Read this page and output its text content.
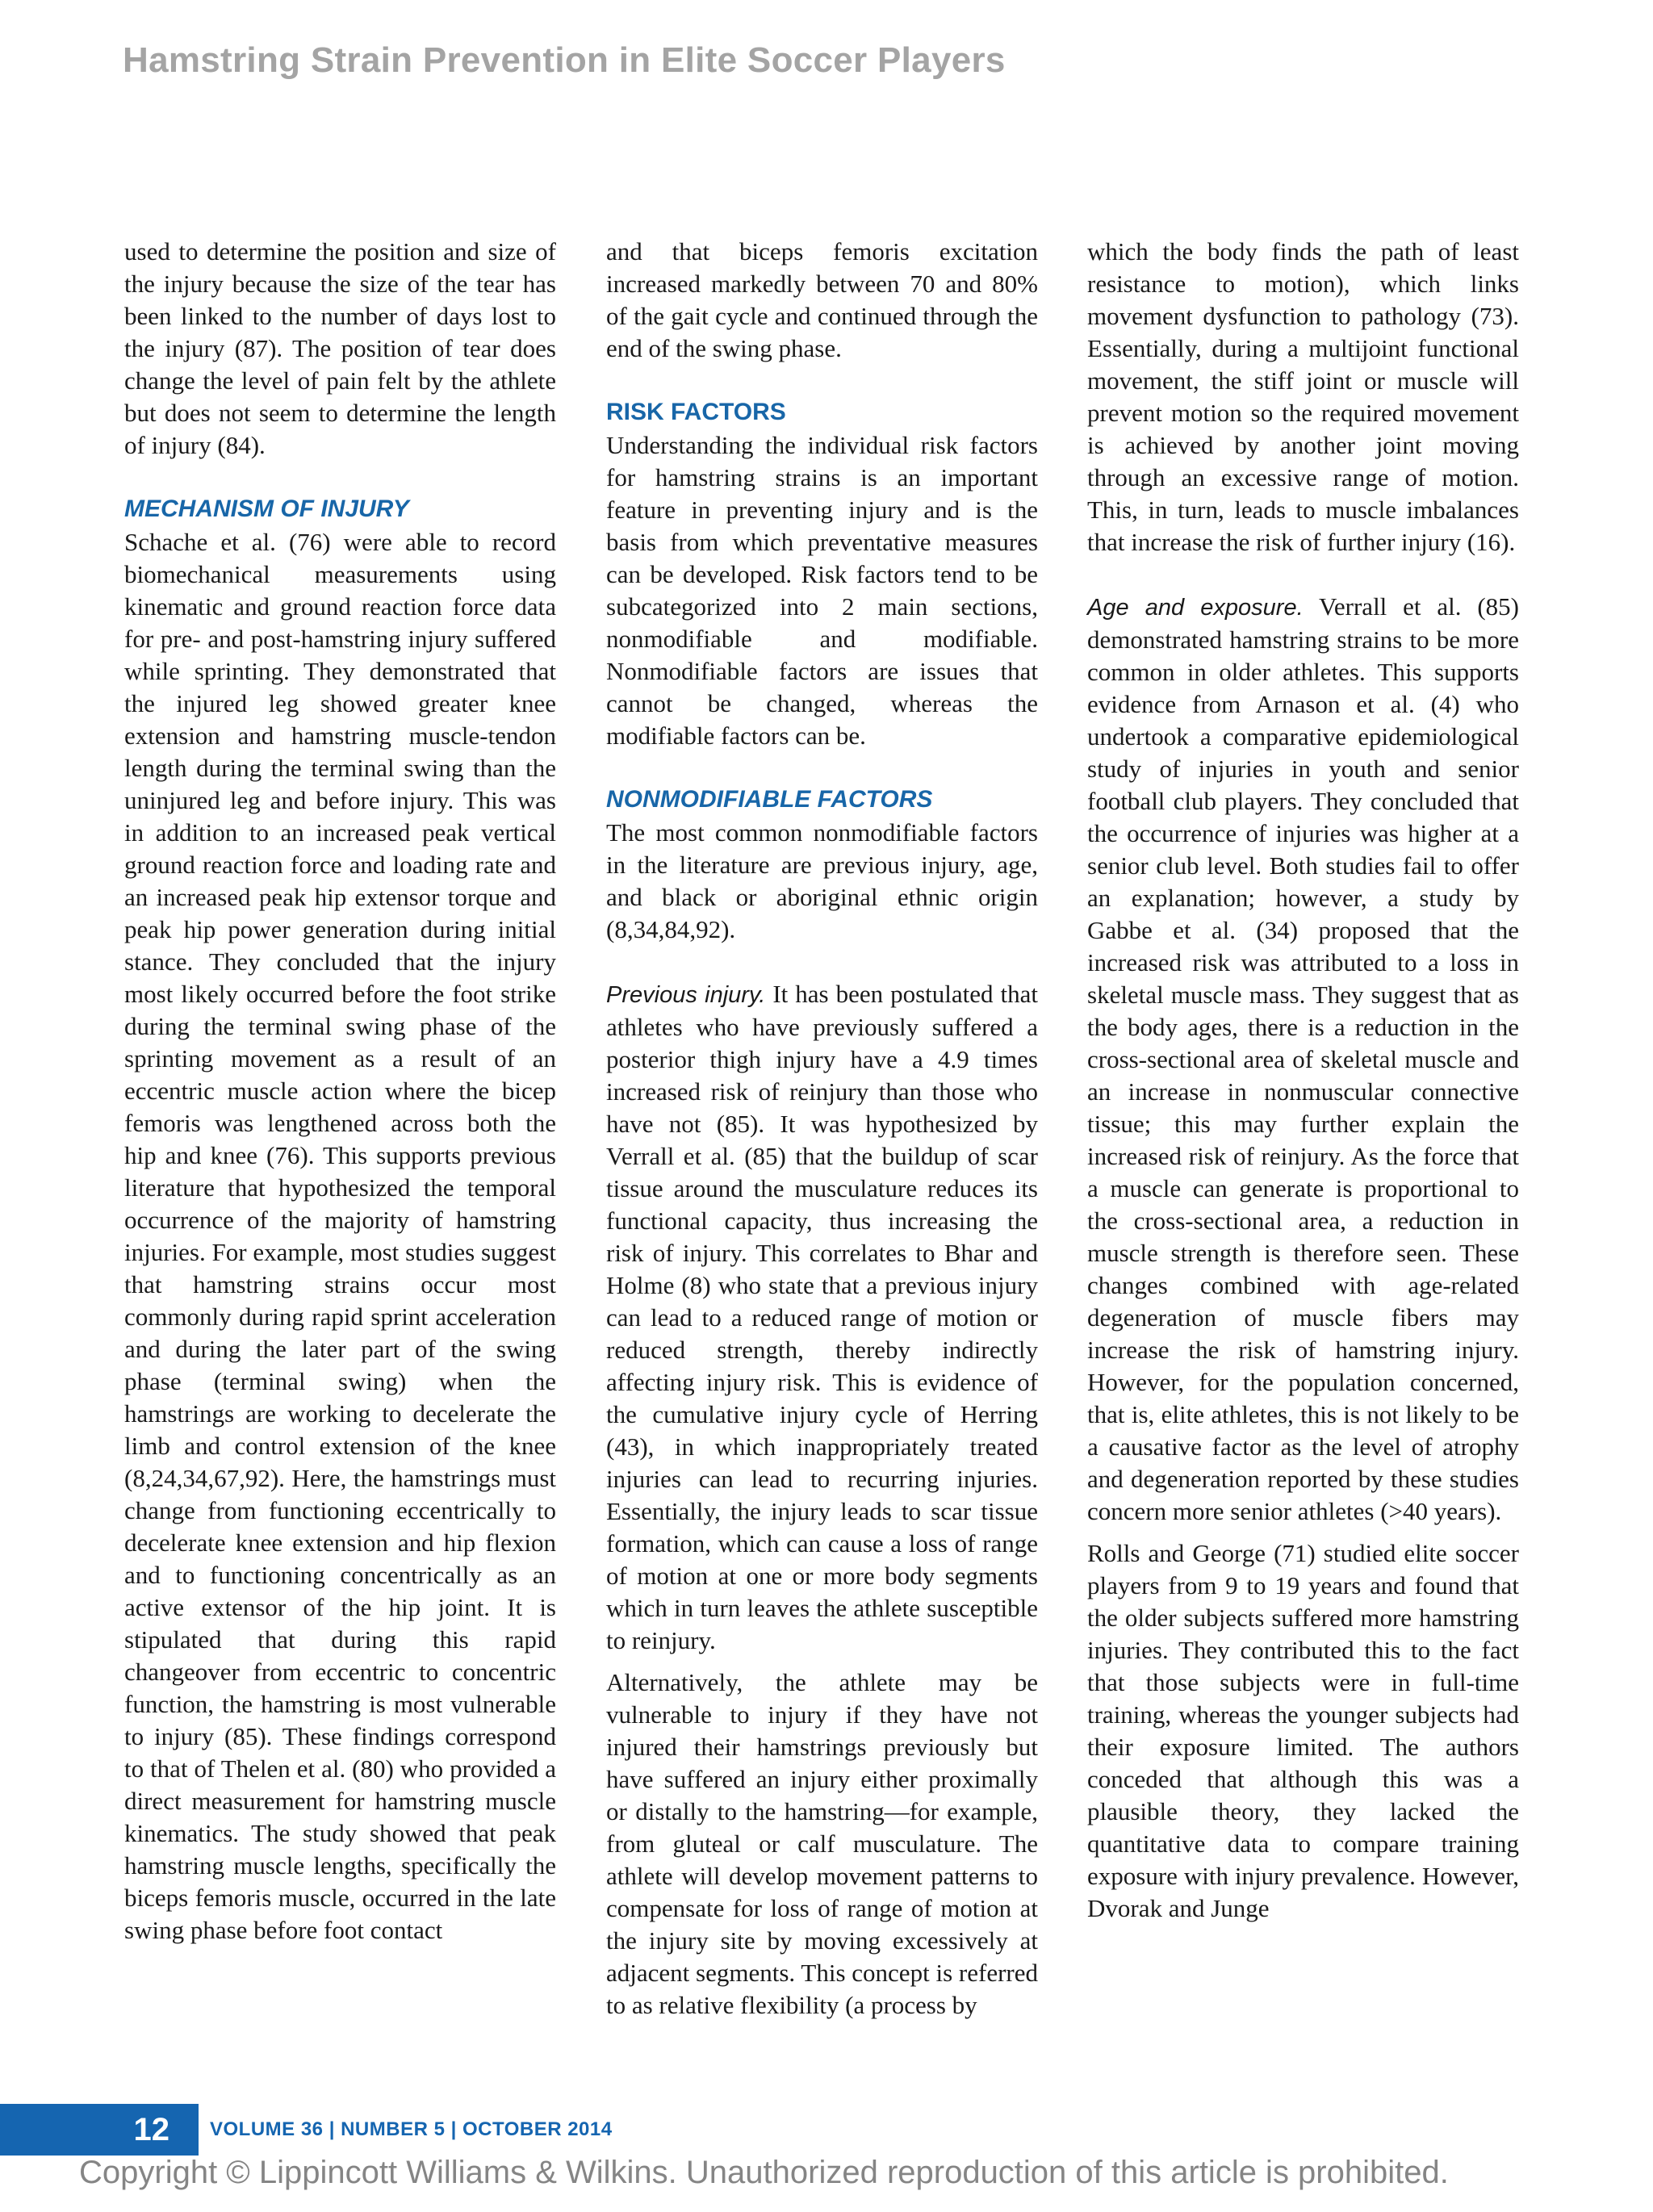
Hamstring Strain Prevention in Elite Soccer Players

used to determine the position and size of the injury because the size of the tear has been linked to the number of days lost to the injury (87). The position of tear does change the level of pain felt by the athlete but does not seem to determine the length of injury (84).

MECHANISM OF INJURY

Schache et al. (76) were able to record biomechanical measurements using kinematic and ground reaction force data for pre- and post-hamstring injury suffered while sprinting. They demonstrated that the injured leg showed greater knee extension and hamstring muscle-tendon length during the terminal swing than the uninjured leg and before injury. This was in addition to an increased peak vertical ground reaction force and loading rate and an increased peak hip extensor torque and peak hip power generation during initial stance. They concluded that the injury most likely occurred before the foot strike during the terminal swing phase of the sprinting movement as a result of an eccentric muscle action where the bicep femoris was lengthened across both the hip and knee (76). This supports previous literature that hypothesized the temporal occurrence of the majority of hamstring injuries. For example, most studies suggest that hamstring strains occur most commonly during rapid sprint acceleration and during the later part of the swing phase (terminal swing) when the hamstrings are working to decelerate the limb and control extension of the knee (8,24,34,67,92). Here, the hamstrings must change from functioning eccentrically to decelerate knee extension and hip flexion and to functioning concentrically as an active extensor of the hip joint. It is stipulated that during this rapid changeover from eccentric to concentric function, the hamstring is most vulnerable to injury (85). These findings correspond to that of Thelen et al. (80) who provided a direct measurement for hamstring muscle kinematics. The study showed that peak hamstring muscle lengths, specifically the biceps femoris muscle, occurred in the late swing phase before foot contact

and that biceps femoris excitation increased markedly between 70 and 80% of the gait cycle and continued through the end of the swing phase.

RISK FACTORS

Understanding the individual risk factors for hamstring strains is an important feature in preventing injury and is the basis from which preventative measures can be developed. Risk factors tend to be subcategorized into 2 main sections, nonmodifiable and modifiable. Nonmodifiable factors are issues that cannot be changed, whereas the modifiable factors can be.

NONMODIFIABLE FACTORS

The most common nonmodifiable factors in the literature are previous injury, age, and black or aboriginal ethnic origin (8,34,84,92).

Previous injury. It has been postulated that athletes who have previously suffered a posterior thigh injury have a 4.9 times increased risk of reinjury than those who have not (85). It was hypothesized by Verrall et al. (85) that the buildup of scar tissue around the musculature reduces its functional capacity, thus increasing the risk of injury. This correlates to Bhar and Holme (8) who state that a previous injury can lead to a reduced range of motion or reduced strength, thereby indirectly affecting injury risk. This is evidence of the cumulative injury cycle of Herring (43), in which inappropriately treated injuries can lead to recurring injuries. Essentially, the injury leads to scar tissue formation, which can cause a loss of range of motion at one or more body segments which in turn leaves the athlete susceptible to reinjury.

Alternatively, the athlete may be vulnerable to injury if they have not injured their hamstrings previously but have suffered an injury either proximally or distally to the hamstring—for example, from gluteal or calf musculature. The athlete will develop movement patterns to compensate for loss of range of motion at the injury site by moving excessively at adjacent segments. This concept is referred to as relative flexibility (a process by

which the body finds the path of least resistance to motion), which links movement dysfunction to pathology (73). Essentially, during a multijoint functional movement, the stiff joint or muscle will prevent motion so the required movement is achieved by another joint moving through an excessive range of motion. This, in turn, leads to muscle imbalances that increase the risk of further injury (16).

Age and exposure. Verrall et al. (85) demonstrated hamstring strains to be more common in older athletes. This supports evidence from Arnason et al. (4) who undertook a comparative epidemiological study of injuries in youth and senior football club players. They concluded that the occurrence of injuries was higher at a senior club level. Both studies fail to offer an explanation; however, a study by Gabbe et al. (34) proposed that the increased risk was attributed to a loss in skeletal muscle mass. They suggest that as the body ages, there is a reduction in the cross-sectional area of skeletal muscle and an increase in nonmuscular connective tissue; this may further explain the increased risk of reinjury. As the force that a muscle can generate is proportional to the cross-sectional area, a reduction in muscle strength is therefore seen. These changes combined with age-related degeneration of muscle fibers may increase the risk of hamstring injury. However, for the population concerned, that is, elite athletes, this is not likely to be a causative factor as the level of atrophy and degeneration reported by these studies concern more senior athletes (>40 years).

Rolls and George (71) studied elite soccer players from 9 to 19 years and found that the older subjects suffered more hamstring injuries. They contributed this to the fact that those subjects were in full-time training, whereas the younger subjects had their exposure limited. The authors conceded that although this was a plausible theory, they lacked the quantitative data to compare training exposure with injury prevalence. However, Dvorak and Junge

12	VOLUME 36 | NUMBER 5 | OCTOBER 2014

Copyright © Lippincott Williams & Wilkins. Unauthorized reproduction of this article is prohibited.
